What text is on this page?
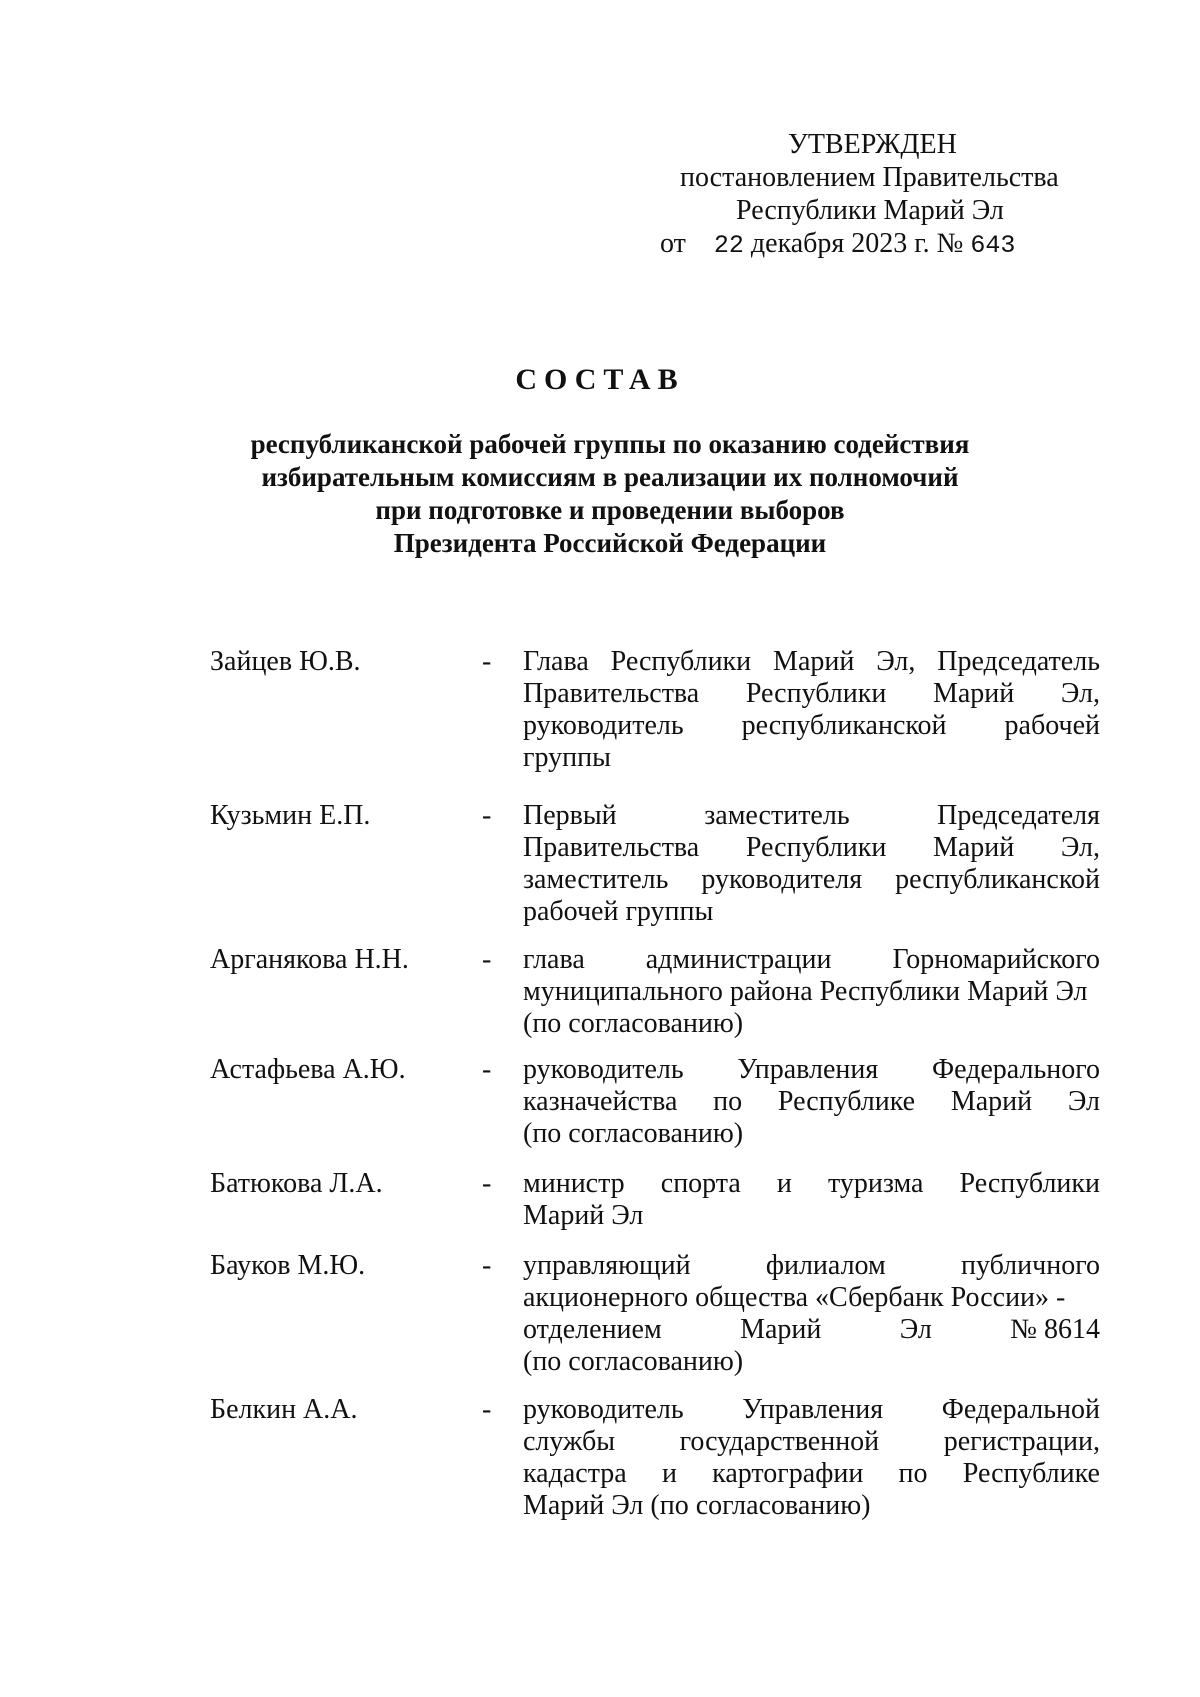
УТВЕРЖДЕН
постановлением Правительства
Республики Марий Эл
от 22 декабря 2023 г. № 643
СОСТАВ
республиканской рабочей группы по оказанию содействия
избирательным комиссиям в реализации их полномочий
при подготовке и проведении выборов
Президента Российской Федерации
Зайцев Ю.В.	- Глава Республики Марий Эл, Председатель
Правительства Республики Марий Эл,
руководитель республиканской рабочей
группы
Кузьмин Е.П.	- Первый	заместитель	Председателя
Правительства Республики Марий Эл,
заместитель руководителя республиканской
рабочей группы
Арганякова Н.Н.	- глава администрации Горномарийского
муниципального района Республики Марий Эл
(по согласованию)
Астафьева А.Ю.	- руководитель Управления Федерального
казначейства по Республике Марий Эл
(по согласованию)
Батюкова Л.А.	- министр спорта и туризма Республики
Марий Эл
Бауков М.Ю.	- управляющий	филиалом	публичного
акционерного общества «Сбербанк России» -
отделением	Марий	Эл	№ 8614
(по согласованию)
Белкин А.А.	- руководитель Управления Федеральной
службы государственной регистрации,
кадастра и картографии по Республике
Марий Эл (по согласованию)
